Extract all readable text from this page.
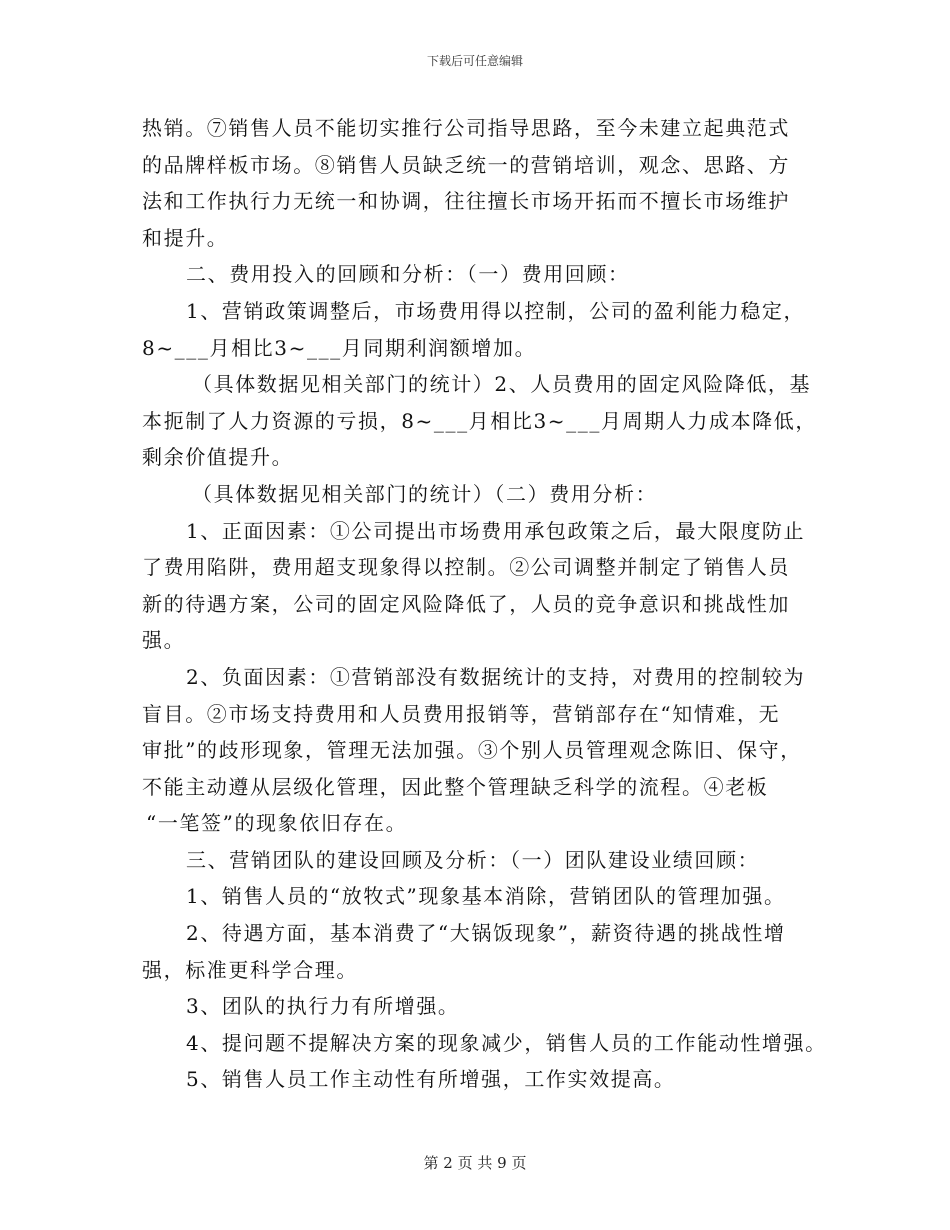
下载后可任意编辑
热销。⑦销售人员不能切实推行公司指导思路，至今未建立起典范式
的品牌样板市场。⑧销售人员缺乏统一的营销培训，观念、思路、方
法和工作执行力无统一和协调，往往擅长市场开拓而不擅长市场维护
和提升。
二、费用投入的回顾和分析：（一）费用回顾：
1、营销政策调整后，市场费用得以控制，公司的盈利能力稳定，
8~___月相比3~___月同期利润额增加。
（具体数据见相关部门的统计）2、人员费用的固定风险降低，基
本扼制了人力资源的亏损，8~___月相比3~___月周期人力成本降低，
剩余价值提升。
（具体数据见相关部门的统计）（二）费用分析：
1、正面因素：①公司提出市场费用承包政策之后，最大限度防止
了费用陷阱，费用超支现象得以控制。②公司调整并制定了销售人员
新的待遇方案，公司的固定风险降低了，人员的竞争意识和挑战性加
强。
2、负面因素：①营销部没有数据统计的支持，对费用的控制较为
盲目。②市场支持费用和人员费用报销等，营销部存在“知情难，无
审批”的歧形现象，管理无法加强。③个别人员管理观念陈旧、保守，
不能主动遵从层级化管理，因此整个管理缺乏科学的流程。④老板
“一笔签”的现象依旧存在。
三、营销团队的建设回顾及分析：（一）团队建设业绩回顾：
1、销售人员的“放牧式”现象基本消除，营销团队的管理加强。
2、待遇方面，基本消费了“大锅饭现象”，薪资待遇的挑战性增
强，标准更科学合理。
3、团队的执行力有所增强。
4、提问题不提解决方案的现象减少，销售人员的工作能动性增强。
5、销售人员工作主动性有所增强，工作实效提高。
第 2 页 共 9 页
